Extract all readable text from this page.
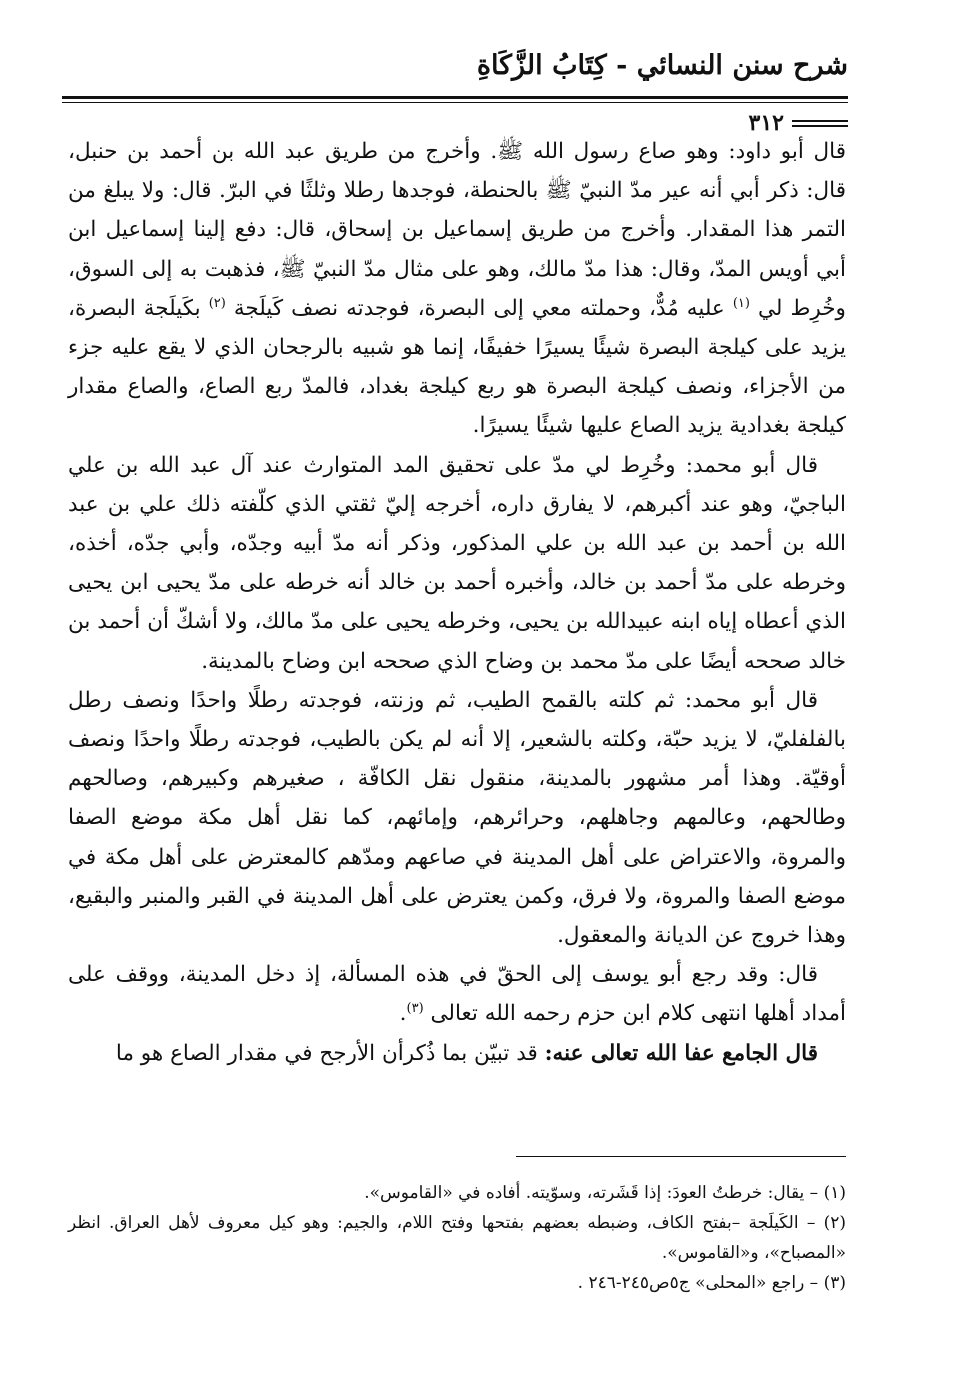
شرح سنن النسائي - كِتَابُ الزَّكَاةِ
٣١٢

قال أبو داود: وهو صاع رسول الله ﷺ. وأخرج من طريق عبد الله بن أحمد بن حنبل، قال: ذكر أبي أنه عير مدّ النبيّ ﷺ بالحنطة، فوجدها رطلا وثلثًا في البرّ. قال: ولا يبلغ من التمر هذا المقدار. وأخرج من طريق إسماعيل بن إسحاق، قال: دفع إلينا إسماعيل ابن أبي أويس المدّ، وقال: هذا مدّ مالك، وهو على مثال مدّ النبيّ ﷺ، فذهبت به إلى السوق، وخُرِط لي $^{(١)}$ عليه مُدٌّ، وحملته معي إلى البصرة، فوجدته نصف كَيلَجة $^{(٢)}$ بكَيلَجة البصرة، يزيد على كيلجة البصرة شيئًا يسيرًا خفيفًا، إنما هو شبيه بالرجحان الذي لا يقع عليه جزء من الأجزاء، ونصف كيلجة البصرة هو ربع كيلجة بغداد، فالمدّ ربع الصاع، والصاع مقدار كيلجة بغدادية يزيد الصاع عليها شيئًا يسيرًا.

قال أبو محمد: وخُرِط لي مدّ على تحقيق المد المتوارث عند آل عبد الله بن علي الباجيّ، وهو عند أكبرهم، لا يفارق داره، أخرجه إليّ ثقتي الذي كلّفته ذلك علي بن عبد الله بن أحمد بن عبد الله بن علي المذكور، وذكر أنه مدّ أبيه وجدّه، وأبي جدّه، أخذه، وخرطه على مدّ أحمد بن خالد، وأخبره أحمد بن خالد أنه خرطه على مدّ يحيى ابن يحيى الذي أعطاه إياه ابنه عبيدالله بن يحيى، وخرطه يحيى على مدّ مالك، ولا أشكّ أن أحمد بن خالد صححه أيضًا على مدّ محمد بن وضاح الذي صححه ابن وضاح بالمدينة.

قال أبو محمد: ثم كلته بالقمح الطيب، ثم وزنته، فوجدته رطلًا واحدًا ونصف رطل بالفلفليّ، لا يزيد حبّة، وكلته بالشعير، إلا أنه لم يكن بالطيب، فوجدته رطلًا واحدًا ونصف أوقيّة. وهذا أمر مشهور بالمدينة، منقول نقل الكافّة ، صغيرهم وكبيرهم، وصالحهم وطالحهم، وعالمهم وجاهلهم، وحرائرهم، وإمائهم، كما نقل أهل مكة موضع الصفا والمروة، والاعتراض على أهل المدينة في صاعهم ومدّهم كالمعترض على أهل مكة في موضع الصفا والمروة، ولا فرق، وكمن يعترض على أهل المدينة في القبر والمنبر والبقيع، وهذا خروج عن الديانة والمعقول.

قال: وقد رجع أبو يوسف إلى الحقّ في هذه المسألة، إذ دخل المدينة، ووقف على أمداد أهلها انتهى كلام ابن حزم رحمه الله تعالى $^{(٣)}$.

قال الجامع عفا الله تعالى عنه: قد تبيّن بما ذُكرأن الأرجح في مقدار الصاع هو ما

(١) – يقال: خرطتُ العودَ: إذا قَشَرته، وسوّيته. أفاده في «القاموس».

(٢) – الكَيلَجة –بفتح الكاف، وضبطه بعضهم بفتحها وفتح اللام، والجيم: وهو كيل معروف لأهل العراق. انظر «المصباح»، و«القاموس».

(٣) – راجع «المحلى» ج٥ص٢٤٥-٢٤٦ .
